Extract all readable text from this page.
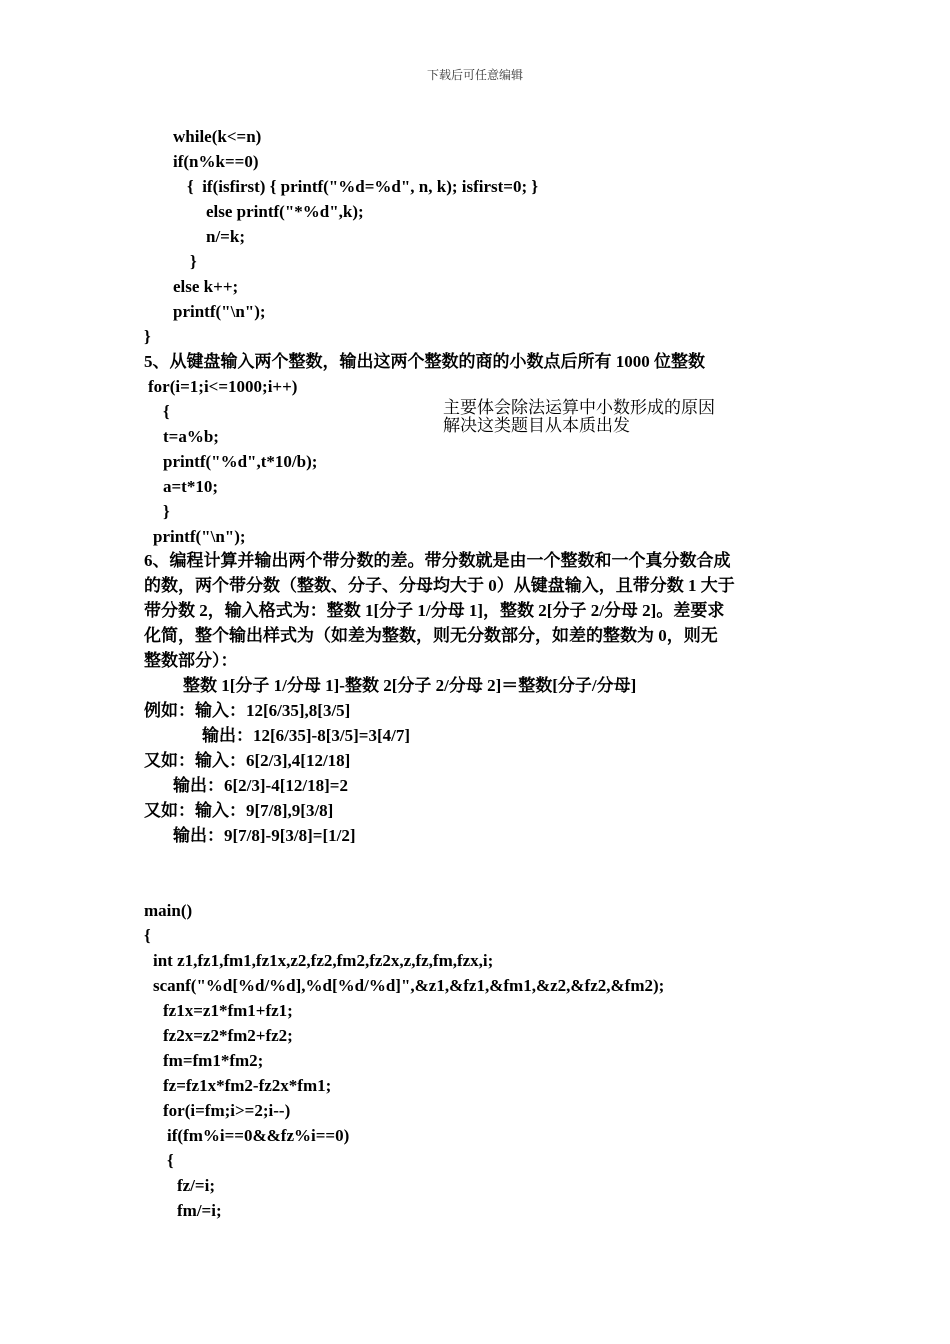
下载后可任意编辑
while(k<=n)
if(n%k==0)
{  if(isfirst) { printf("%d=%d", n, k); isfirst=0; }
else printf("*%d",k);
n/=k;
}
else k++;
printf("\n");
}
5、从键盘输入两个整数，输出这两个整数的商的小数点后所有 1000 位整数
for(i=1;i<=1000;i++)
{
t=a%b;
printf("%d",t*10/b);
a=t*10;
}
printf("\n");
6、编程计算并输出两个带分数的差。带分数就是由一个整数和一个真分数合成
的数，两个带分数（整数、分子、分母均大于 0）从键盘输入，且带分数 1 大于
带分数 2，输入格式为：整数 1[分子 1/分母 1]，整数 2[分子 2/分母 2]。差要求
化简，整个输出样式为（如差为整数，则无分数部分，如差的整数为 0，则无
整数部分）：
整数 1[分子 1/分母 1]-整数 2[分子 2/分母 2]＝整数[分子/分母]
例如：输入：12[6/35],8[3/5]
输出：12[6/35]-8[3/5]=3[4/7]
又如：输入：6[2/3],4[12/18]
输出：6[2/3]-4[12/18]=2
又如：输入：9[7/8],9[3/8]
输出：9[7/8]-9[3/8]=[1/2]
main()
{
int z1,fz1,fm1,fz1x,z2,fz2,fm2,fz2x,z,fz,fm,fzx,i;
scanf("%d[%d/%d],%d[%d/%d]",&z1,&fz1,&fm1,&z2,&fz2,&fm2);
fz1x=z1*fm1+fz1;
fz2x=z2*fm2+fz2;
fm=fm1*fm2;
fz=fz1x*fm2-fz2x*fm1;
for(i=fm;i>=2;i--)
if(fm%i==0&&fz%i==0)
{
fz/=i;
fm/=i;
主要体会除法运算中小数形成的原因
解决这类题目从本质出发
